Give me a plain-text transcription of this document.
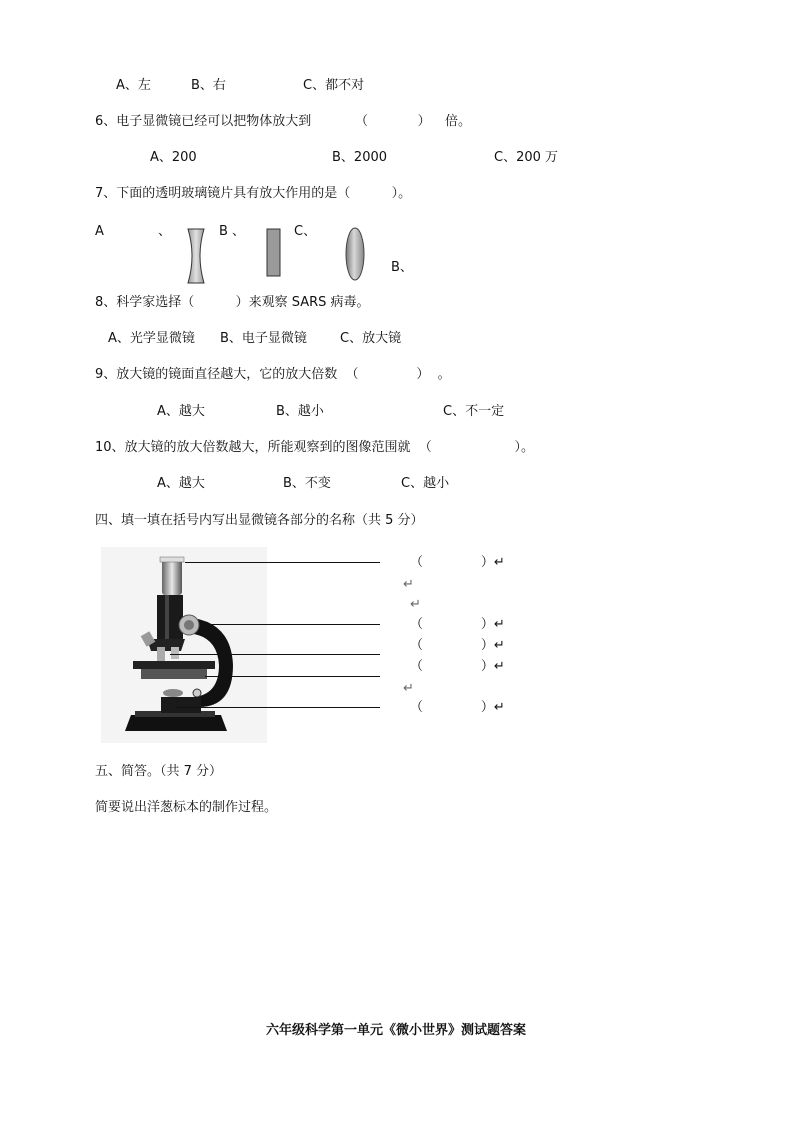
A、左	B、右	C、都不对
6、电子显微镜已经可以把物体放大到	（            ） 倍。
A、200	B、2000	C、200 万
7、下面的透明玻璃镜片具有放大作用的是（          ）。
A	、	B 、	C、
B、
8、科学家选择（          ）来观察 SARS 病毒。
A、光学显微镜 B、电子显微镜	C、放大镜
9、放大镜的镜面直径越大，它的放大倍数  （              ）  。
A、越大	B、越小	C、不一定
10、放大镜的放大倍数越大，所能观察到的图像范围就  （                    ）。
A、越大	B、不变	C、越小
四、填一填在括号内写出显微镜各部分的名称（共 5 分）
（              ）↵
↵
↵
（              ）↵
（              ）↵
（              ）↵
↵
（              ）↵
五、简答。（共 7 分）
简要说出洋葱标本的制作过程。
六年级科学第一单元《微小世界》测试题答案
